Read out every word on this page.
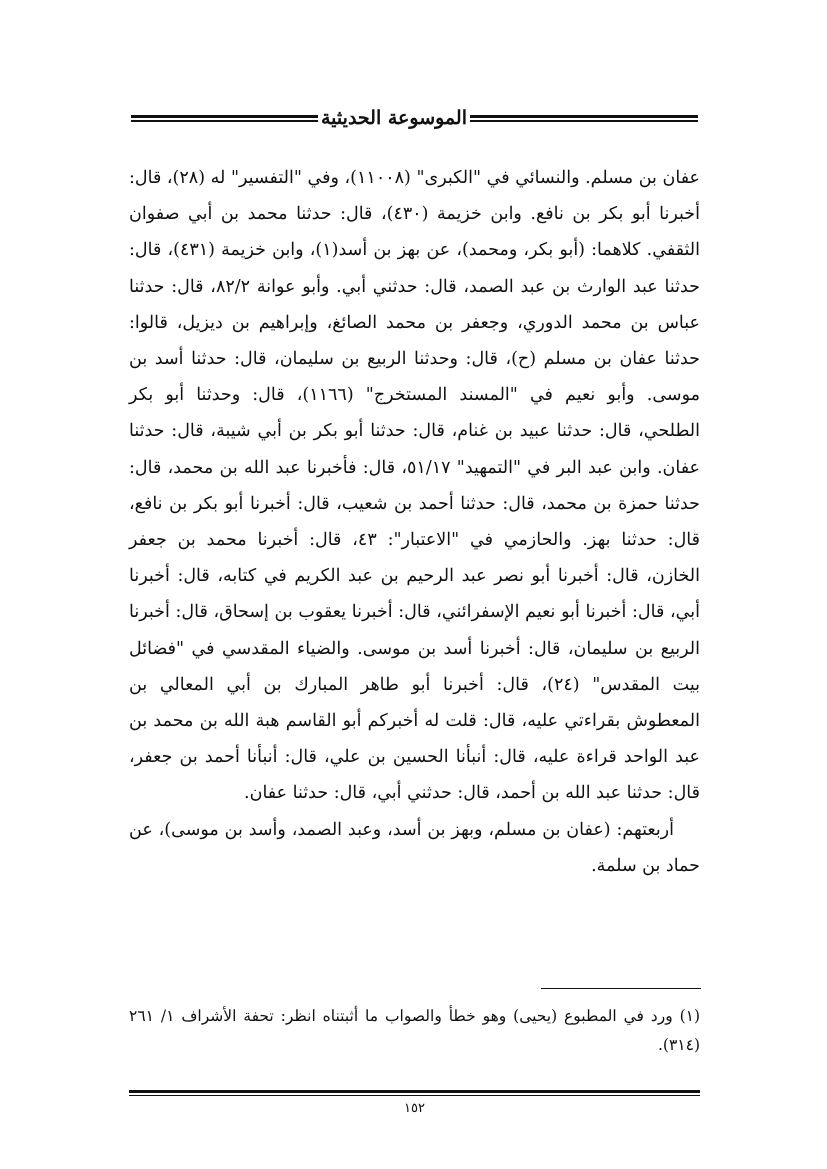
الموسوعة الحديثية

عفان بن مسلم. والنسائي في "الكبرى" (١١٠٠٨)، وفي "التفسير" له (٢٨)، قال: أخبرنا أبو بكر بن نافع. وابن خزيمة (٤٣٠)، قال: حدثنا محمد بن أبي صفوان الثقفي. كلاهما: (أبو بكر، ومحمد)، عن بهز بن أسد(١)، وابن خزيمة (٤٣١)، قال: حدثنا عبد الوارث بن عبد الصمد، قال: حدثني أبي. وأبو عوانة ٨٢/٢، قال: حدثنا عباس بن محمد الدوري، وجعفر بن محمد الصائغ، وإبراهيم بن ديزيل، قالوا: حدثنا عفان بن مسلم (ح)، قال: وحدثنا الربيع بن سليمان، قال: حدثنا أسد بن موسى. وأبو نعيم في "المسند المستخرج" (١١٦٦)، قال: وحدثنا أبو بكر الطلحي، قال: حدثنا عبيد بن غنام، قال: حدثنا أبو بكر بن أبي شيبة، قال: حدثنا عفان. وابن عبد البر في "التمهيد" ٥١/١٧، قال: فأخبرنا عبد الله بن محمد، قال: حدثنا حمزة بن محمد، قال: حدثنا أحمد بن شعيب، قال: أخبرنا أبو بكر بن نافع، قال: حدثنا بهز. والحازمي في "الاعتبار": ٤٣، قال: أخبرنا محمد بن جعفر الخازن، قال: أخبرنا أبو نصر عبد الرحيم بن عبد الكريم في كتابه، قال: أخبرنا أبي، قال: أخبرنا أبو نعيم الإسفرائني، قال: أخبرنا يعقوب بن إسحاق، قال: أخبرنا الربيع بن سليمان، قال: أخبرنا أسد بن موسى. والضياء المقدسي في "فضائل بيت المقدس" (٢٤)، قال: أخبرنا أبو طاهر المبارك بن أبي المعالي بن المعطوش بقراءتي عليه، قال: قلت له أخبركم أبو القاسم هبة الله بن محمد بن عبد الواحد قراءة عليه، قال: أنبأنا الحسين بن علي، قال: أنبأنا أحمد بن جعفر، قال: حدثنا عبد الله بن أحمد، قال: حدثني أبي، قال: حدثنا عفان.

أربعتهم: (عفان بن مسلم، وبهز بن أسد، وعبد الصمد، وأسد بن موسى)، عن حماد بن سلمة.

(١) ورد في المطبوع (يحيى) وهو خطأ والصواب ما أثبتناه انظر: تحفة الأشراف ١/ ٢٦١ (٣١٤).

١٥٢
